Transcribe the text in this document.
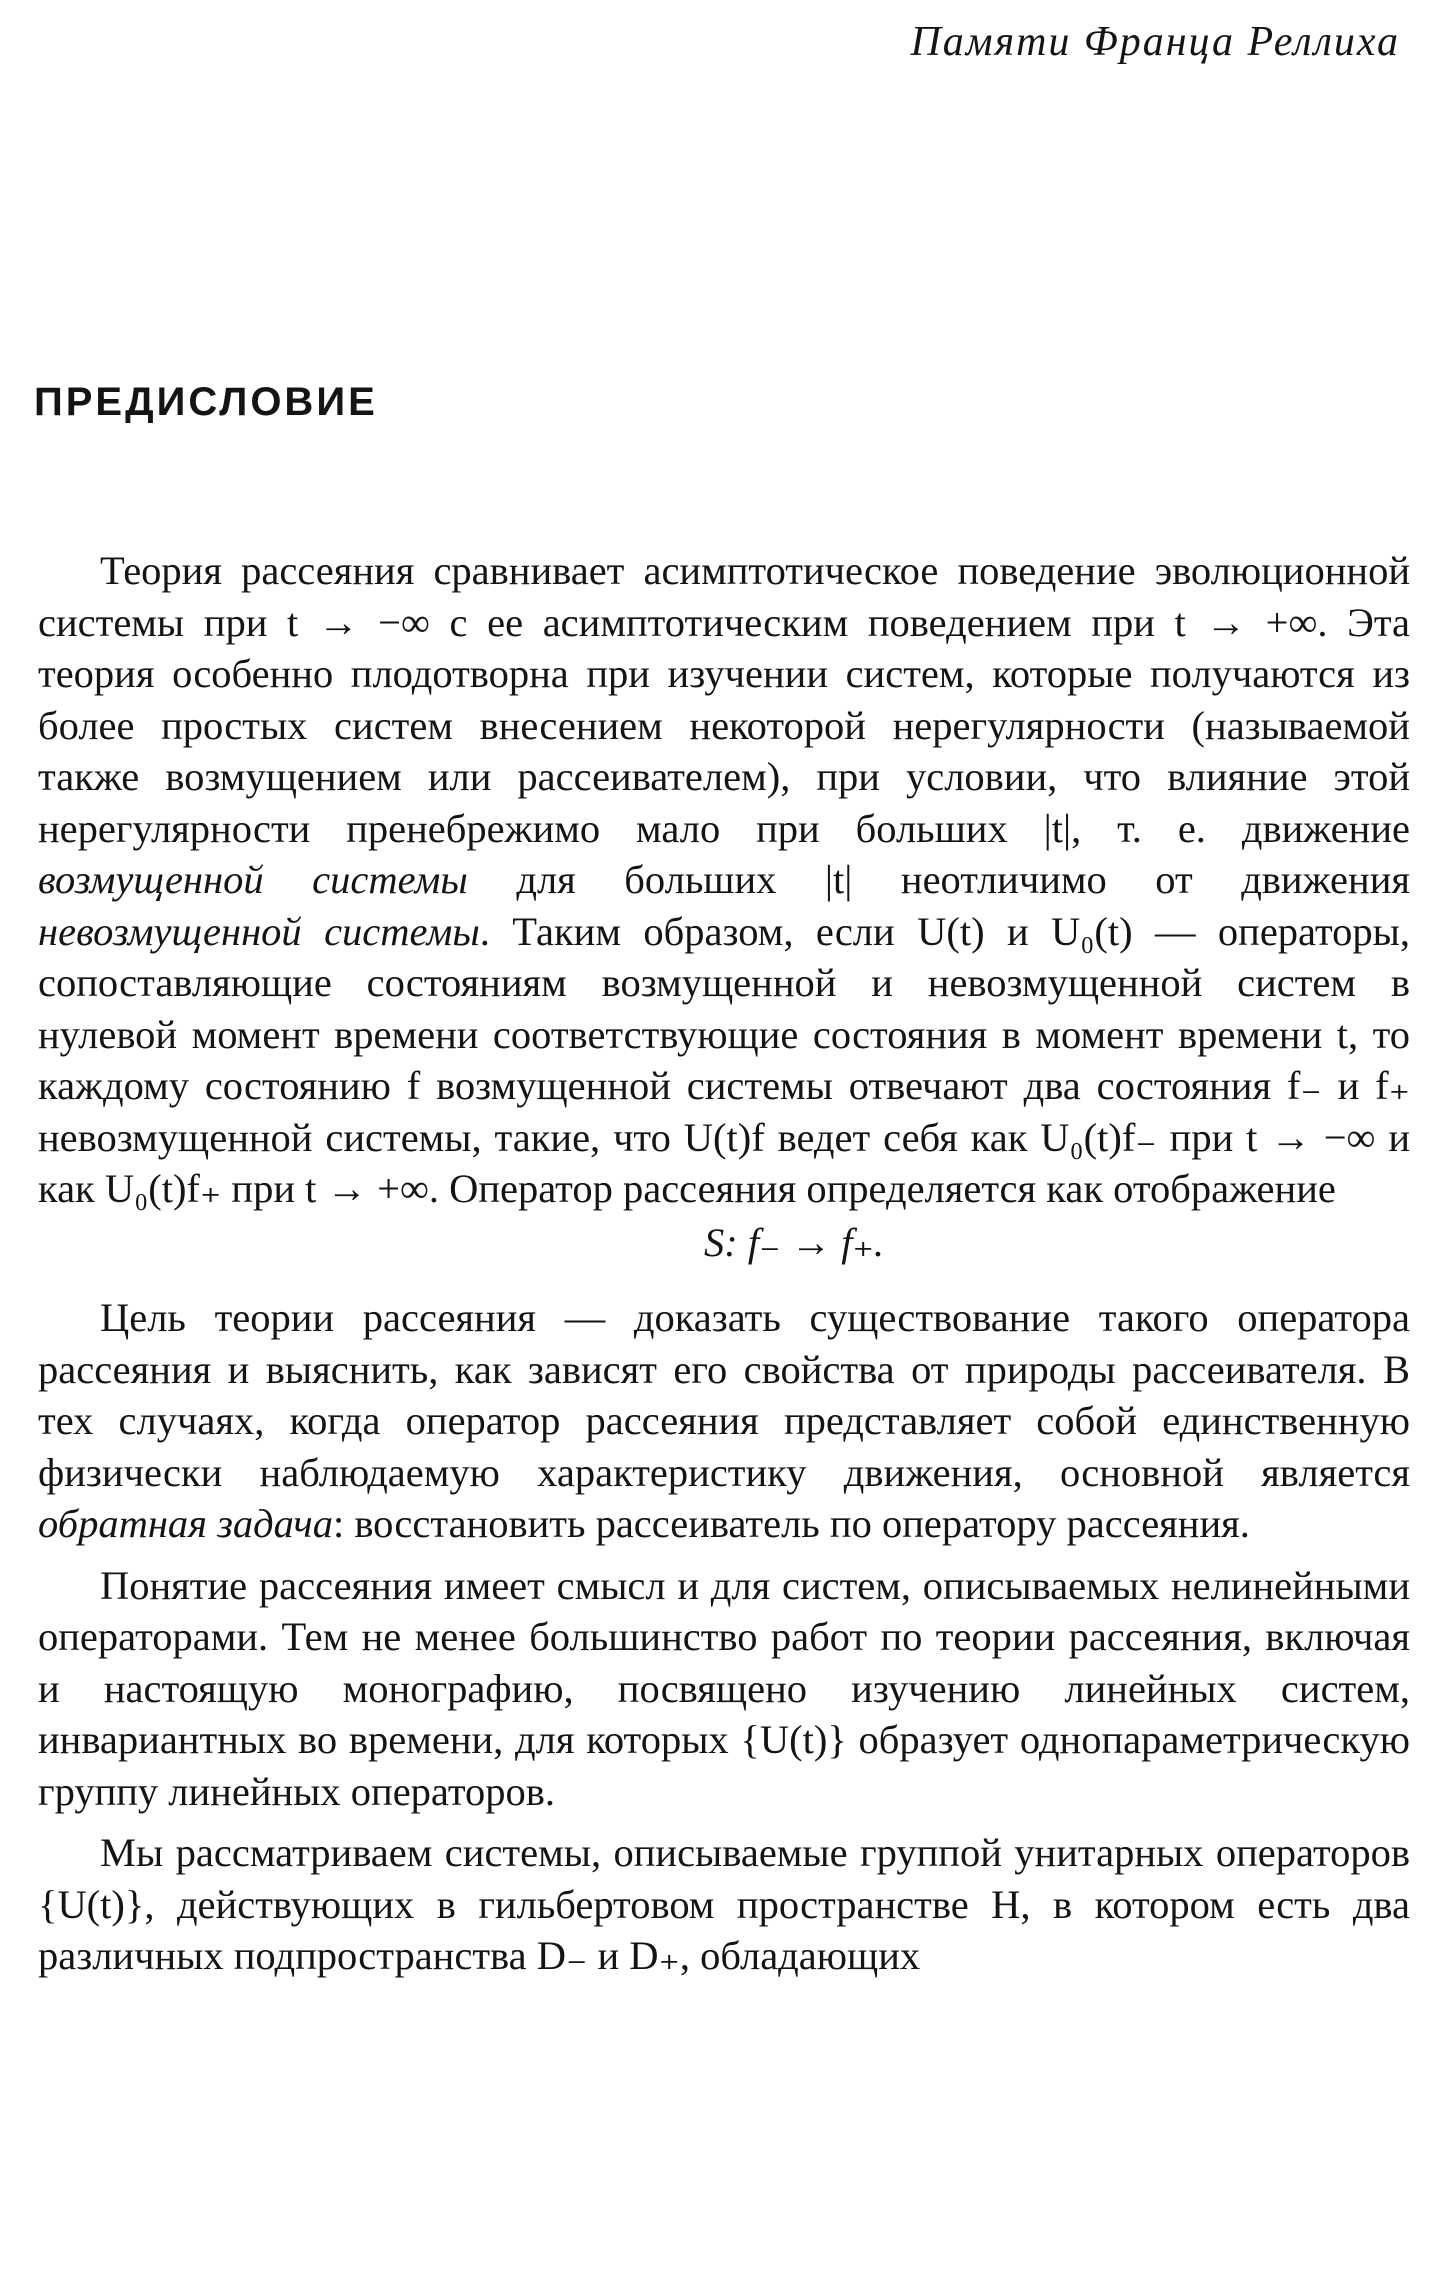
Памяти Франца Реллиха

ПРЕДИСЛОВИЕ

Теория рассеяния сравнивает асимптотическое поведение эволюционной системы при t → −∞ с ее асимптотическим поведением при t → +∞. Эта теория особенно плодотворна при изучении систем, которые получаются из более простых систем внесением некоторой нерегулярности (называемой также возмущением или рассеивателем), при условии, что влияние этой нерегулярности пренебрежимо мало при больших |t|, т. е. движение возмущенной системы для больших |t| неотличимо от движения невозмущенной системы. Таким образом, если U(t) и U₀(t) — операторы, сопоставляющие состояниям возмущенной и невозмущенной систем в нулевой момент времени соответствующие состояния в момент времени t, то каждому состоянию f возмущенной системы отвечают два состояния f₋ и f₊ невозмущенной системы, такие, что U(t)f ведет себя как U₀(t)f₋ при t → −∞ и как U₀(t)f₊ при t → +∞. Оператор рассеяния определяется как отображение

S: f₋ → f₊.

Цель теории рассеяния — доказать существование такого оператора рассеяния и выяснить, как зависят его свойства от природы рассеивателя. В тех случаях, когда оператор рассеяния представляет собой единственную физически наблюдаемую характеристику движения, основной является обратная задача: восстановить рассеиватель по оператору рассеяния.

Понятие рассеяния имеет смысл и для систем, описываемых нелинейными операторами. Тем не менее большинство работ по теории рассеяния, включая и настоящую монографию, посвящено изучению линейных систем, инвариантных во времени, для которых {U(t)} образует однопараметрическую группу линейных операторов.

Мы рассматриваем системы, описываемые группой унитарных операторов {U(t)}, действующих в гильбертовом пространстве H, в котором есть два различных подпространства D₋ и D₊, обладающих
